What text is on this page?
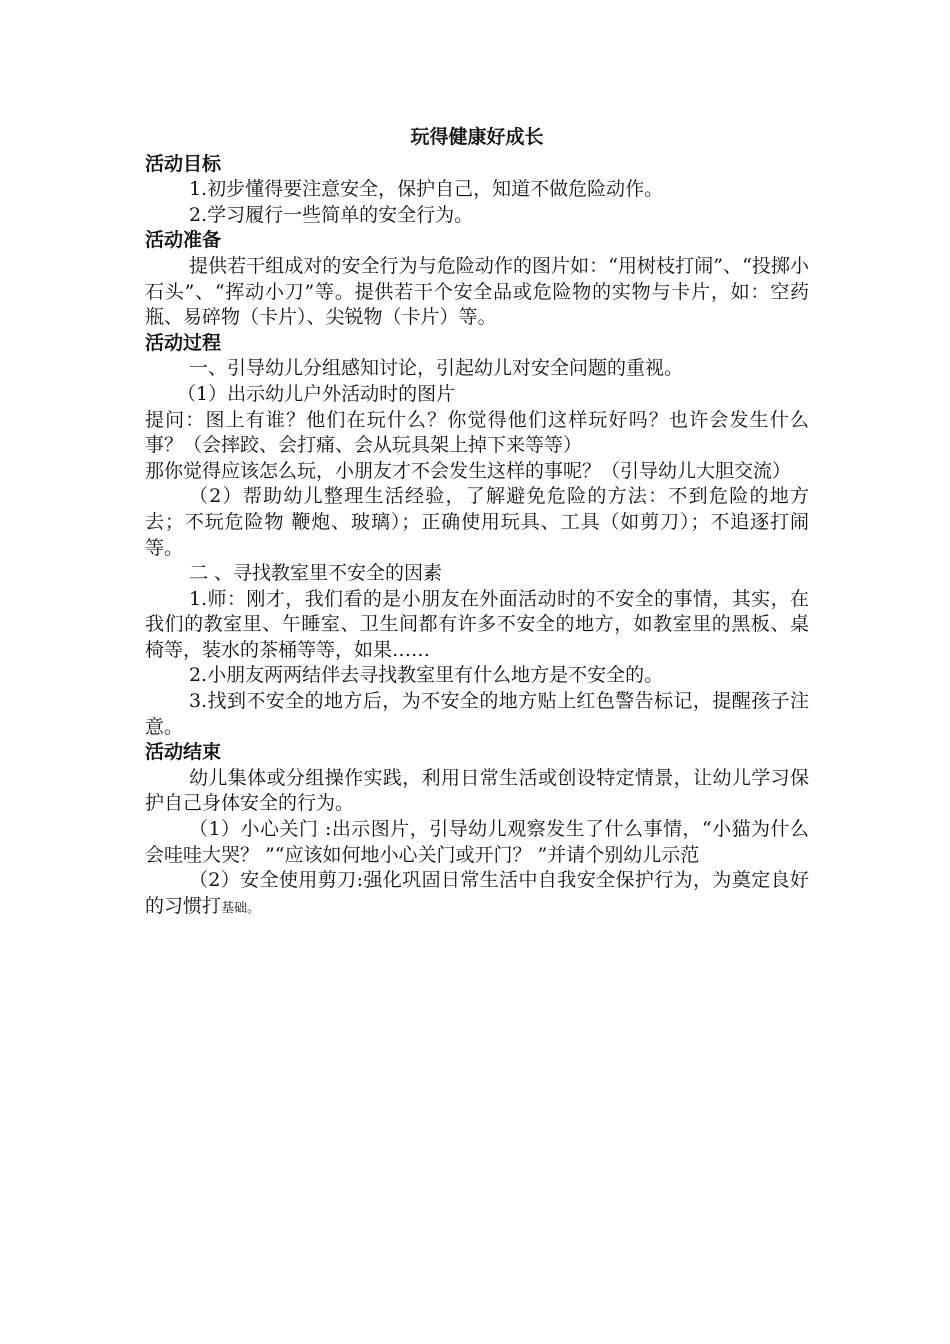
玩得健康好成长
活动目标

1.初步懂得要注意安全，保护自己，知道不做危险动作。

2.学习履行一些简单的安全行为。

活动准备

提供若干组成对的安全行为与危险动作的图片如：“用树枝打闹”、“投掷小石头”、“挥动小刀”等。提供若干个安全品或危险物的实物与卡片，如：空药瓶、易碎物（卡片）、尖锐物（卡片）等。

活动过程

一、引导幼儿分组感知讨论，引起幼儿对安全问题的重视。

（1）出示幼儿户外活动时的图片

提问：图上有谁？他们在玩什么？你觉得他们这样玩好吗？也许会发生什么事？（会摔跤、会打痛、会从玩具架上掉下来等等）

那你觉得应该怎么玩，小朋友才不会发生这样的事呢？（引导幼儿大胆交流）

（2）帮助幼儿整理生活经验，了解避免危险的方法：不到危险的地方去；不玩危险物 鞭炮、玻璃）；正确使用玩具、工具（如剪刀）；不追逐打闹等。

二 、寻找教室里不安全的因素

1.师：刚才，我们看的是小朋友在外面活动时的不安全的事情，其实，在我们的教室里、午睡室、卫生间都有许多不安全的地方，如教室里的黑板、桌椅等，装水的茶桶等等，如果……

2.小朋友两两结伴去寻找教室里有什么地方是不安全的。

3.找到不安全的地方后，为不安全的地方贴上红色警告标记，提醒孩子注意。

活动结束

幼儿集体或分组操作实践，利用日常生活或创设特定情景，让幼儿学习保护自己身体安全的行为。

（1）小心关门 :出示图片，引导幼儿观察发生了什么事情，“小猫为什么会哇哇大哭？ ”“应该如何地小心关门或开门？ ”并请个别幼儿示范

（2）安全使用剪刀:强化巩固日常生活中自我安全保护行为，为奠定良好的习惯打基础。
